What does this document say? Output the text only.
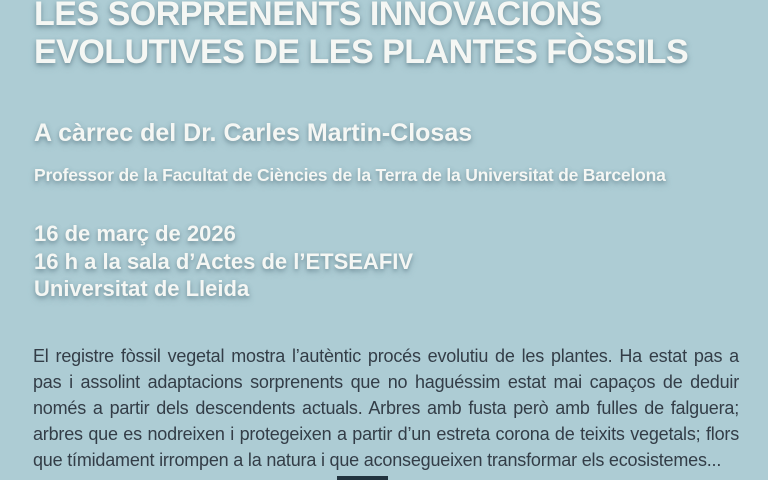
LES SORPRENENTS INNOVACIONS
EVOLUTIVES DE LES PLANTES FÒSSILS
A càrrec del Dr. Carles Martin-Closas
Professor de la Facultat de Ciències de la Terra de la Universitat de Barcelona
16 de març de 2026
16 h a la sala d’Actes de l’ETSEAFIV
Universitat de Lleida

El registre fòssil vegetal mostra l’autèntic procés evolutiu de les plantes. Ha estat pas a pas i assolint adaptacions sorprenents que no haguéssim estat mai capaços de deduir només a partir dels descendents actuals. Arbres amb fusta però amb fulles de falguera; arbres que es nodreixen i protegeixen a partir d’un estreta corona de teixits vegetals; flors que tímidament irrompen a la natura i que aconsegueixen transformar els ecosistemes...
